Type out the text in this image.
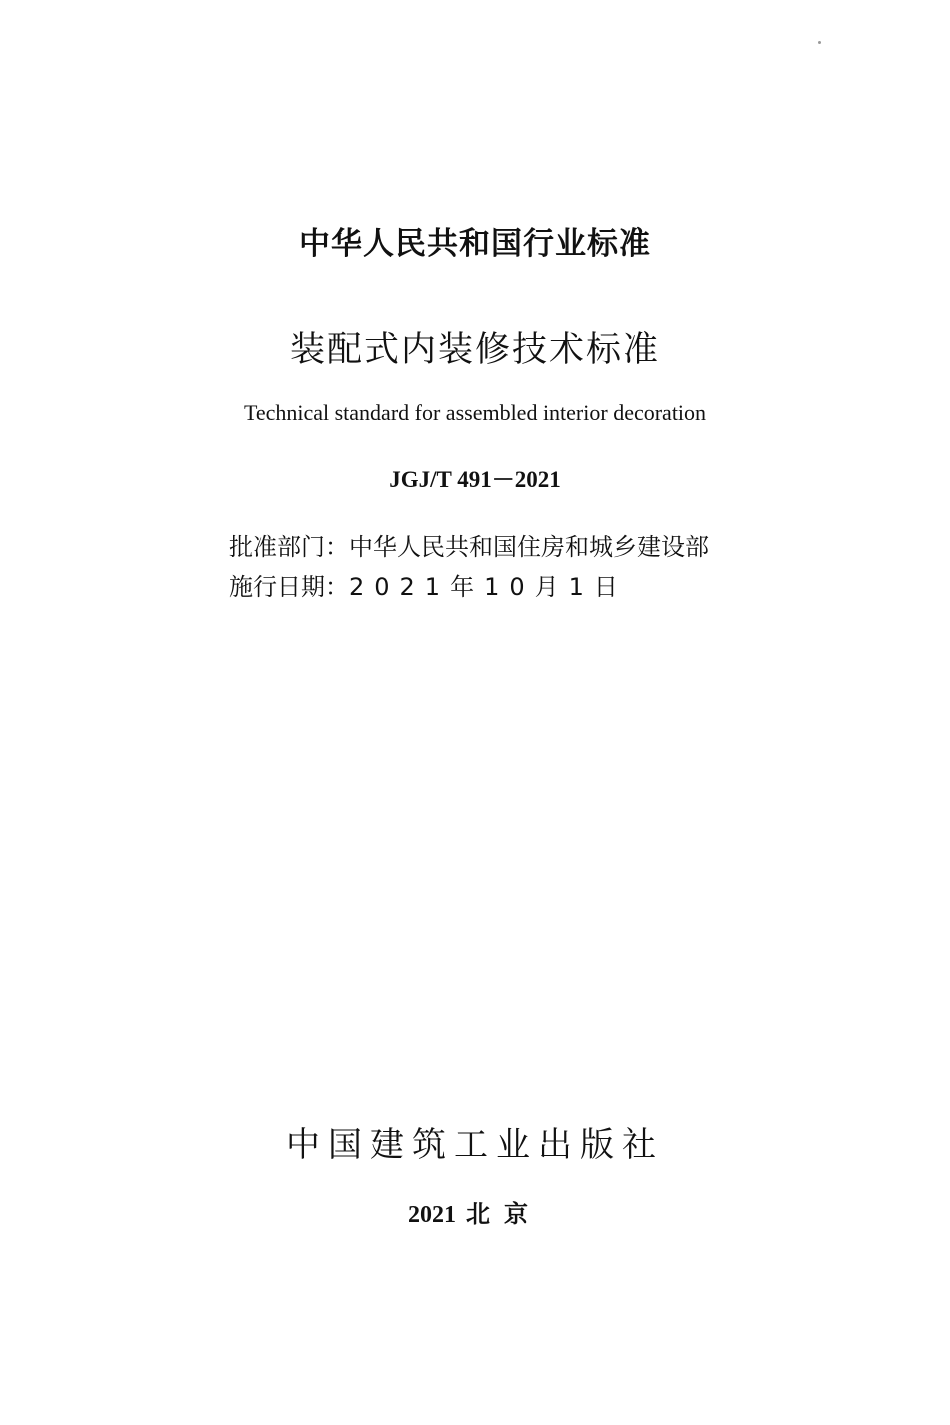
中华人民共和国行业标准
装配式内装修技术标准
Technical standard for assembled interior decoration
JGJ/T 491－2021
批准部门：中华人民共和国住房和城乡建设部
施行日期：2021年10月1日
中国建筑工业出版社
2021 北京
